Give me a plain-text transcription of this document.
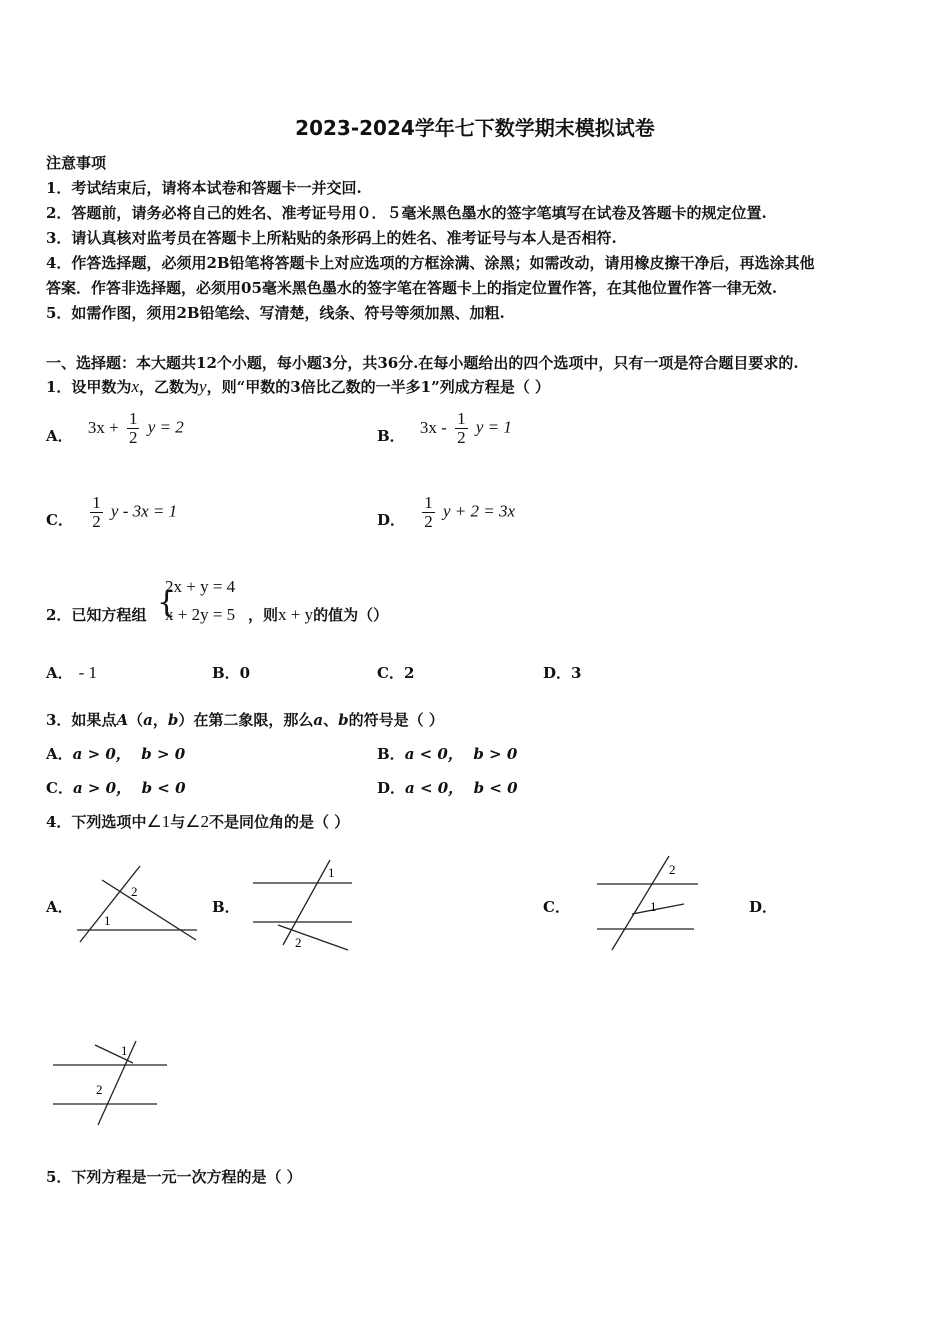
2023-2024学年七下数学期末模拟试卷
注意事项
1．考试结束后，请将本试卷和答题卡一并交回.
2．答题前，请务必将自己的姓名、准考证号用０．５毫米黑色墨水的签字笔填写在试卷及答题卡的规定位置.
3．请认真核对监考员在答题卡上所粘贴的条形码上的姓名、准考证号与本人是否相符.
4．作答选择题，必须用2B铅笔将答题卡上对应选项的方框涂满、涂黑；如需改动，请用橡皮擦干净后，再选涂其他
答案．作答非选择题，必须用05毫米黑色墨水的签字笔在答题卡上的指定位置作答，在其他位置作答一律无效.
5．如需作图，须用2B铅笔绘、写清楚，线条、符号等须加黑、加粗.
一、选择题：本大题共12个小题，每小题3分，共36分.在每小题给出的四个选项中，只有一项是符合题目要求的.
1．设甲数为x，乙数为y，则“甲数的3倍比乙数的一半多1”列成方程是（ ）
A． $3x + \frac{1}{2}$ y = 2	B． $3x - \frac{1}{2}$ y = 1
C． $\frac{1}{2}$ y - 3x = 1	D． $\frac{1}{2}$ y + 2 = 3x
2．已知方程组 {
2x + y = 4
x + 2y = 5 ，则x + y的值为（）
A． - 1	B．0	C．2	D．3
3．如果点A（a，b）在第二象限，那么a、b的符号是（ ）
A．a > 0， b > 0	B．a < 0， b > 0
C．a > 0， b < 0	D．a < 0， b < 0
4．下列选项中∠1与∠2不是同位角的是（ ）
A．
2
1
B．
1
2
C．
2
1	D．
1
2
5．下列方程是一元一次方程的是（ ）
